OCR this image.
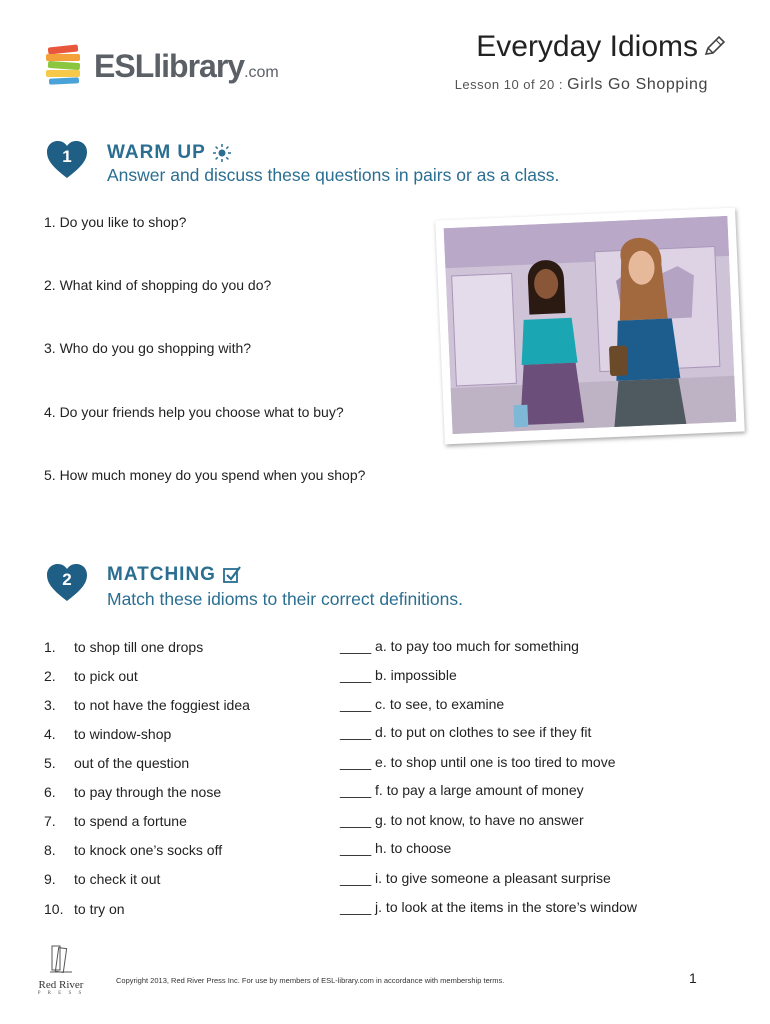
ESLlibrary.com
Everyday Idioms
Lesson 10 of 20 : Girls Go Shopping
1	WARM UP
Answer and discuss these questions in pairs or as a class.
1. Do you like to shop?
2. What kind of shopping do you do?
3. Who do you go shopping with?
4. Do your friends help you choose what to buy?
5. How much money do you spend when you shop?
2	MATCHING
Match these idioms to their correct definitions.
1. to shop till one drops
2. to pick out
3. to not have the foggiest idea
4. to window-shop
5. out of the question
6. to pay through the nose
7. to spend a fortune
8. to knock one’s socks off
9. to check it out
10. to try on
____ a. to pay too much for something
____ b. impossible
____ c. to see, to examine
____ d. to put on clothes to see if they fit
____ e. to shop until one is too tired to move
____ f. to pay a large amount of money
____ g. to not know, to have no answer
____ h. to choose
____ i. to give someone a pleasant surprise
____ j. to look at the items in the store’s window
Red River
P R E S S
Copyright 2013, Red River Press Inc. For use by members of ESL-library.com in accordance with membership terms.	1
